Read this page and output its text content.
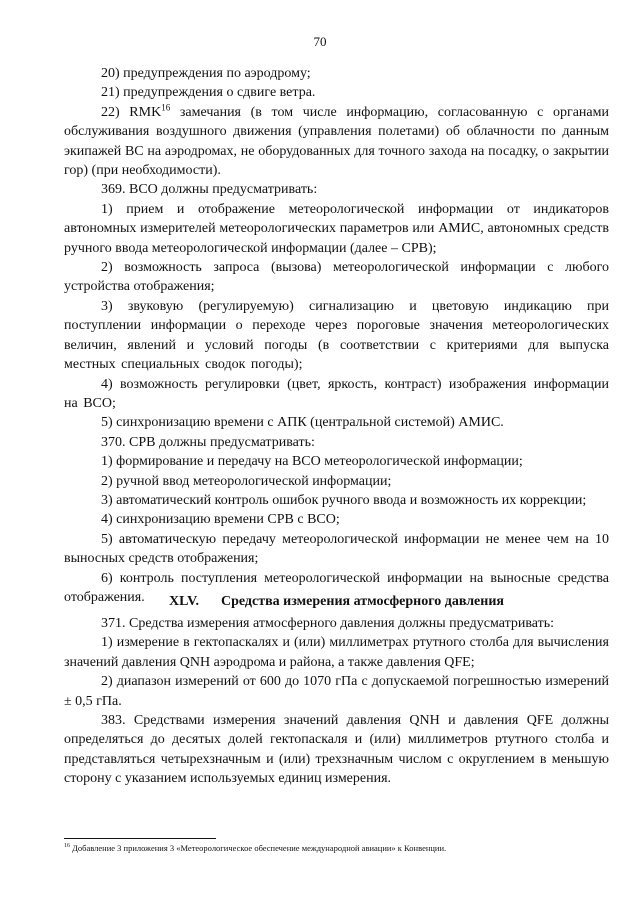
70

20) предупреждения по аэродрому;

21) предупреждения о сдвиге ветра.

22) RMK$^{16}$ замечания (в том числе информацию, согласованную с органами обслуживания воздушного движения (управления полетами) об облачности по данным экипажей ВС на аэродромах, не оборудованных для точного захода на посадку, о закрытии гор) (при необходимости).

369. ВСО должны предусматривать:

1) прием и отображение метеорологической информации от индикаторов автономных измерителей метеорологических параметров или АМИС, автономных средств ручного ввода метеорологической информации (далее – СРВ);

2) возможность запроса (вызова) метеорологической информации с любого устройства отображения;

3) звуковую (регулируемую) сигнализацию и цветовую индикацию при поступлении информации о переходе через пороговые значения метеорологических величин, явлений и условий погоды (в соответствии с критериями для выпуска местных специальных сводок погоды);

4) возможность регулировки (цвет, яркость, контраст) изображения информации на ВСО;

5) синхронизацию времени с АПК (центральной системой) АМИС.

370. СРВ должны предусматривать:

1) формирование и передачу на ВСО метеорологической информации;

2) ручной ввод метеорологической информации;

3) автоматический контроль ошибок ручного ввода и возможность их коррекции;

4) синхронизацию времени СРВ с ВСО;

5) автоматическую передачу метеорологической информации не менее чем на 10 выносных средств отображения;

6) контроль поступления метеорологической информации на выносные средства отображения.	XLV. Средства измерения атмосферного давления

371. Средства измерения атмосферного давления должны предусматривать:

1) измерение в гектопаскалях и (или) миллиметрах ртутного столба для вычисления значений давления QNH аэродрома и района, а также давления QFE;

2) диапазон измерений от 600 до 1070 гПа с допускаемой погрешностью измерений ± 0,5 гПа.

383. Средствами измерения значений давления QNH и давления QFE должны определяться до десятых долей гектопаскаля и (или) миллиметров ртутного столба и представляться четырехзначным и (или) трехзначным числом с округлением в меньшую сторону с указанием используемых единиц измерения.

$^{16}$ Добавление 3 приложения 3 «Метеорологическое обеспечение международной авиации» к Конвенции.
